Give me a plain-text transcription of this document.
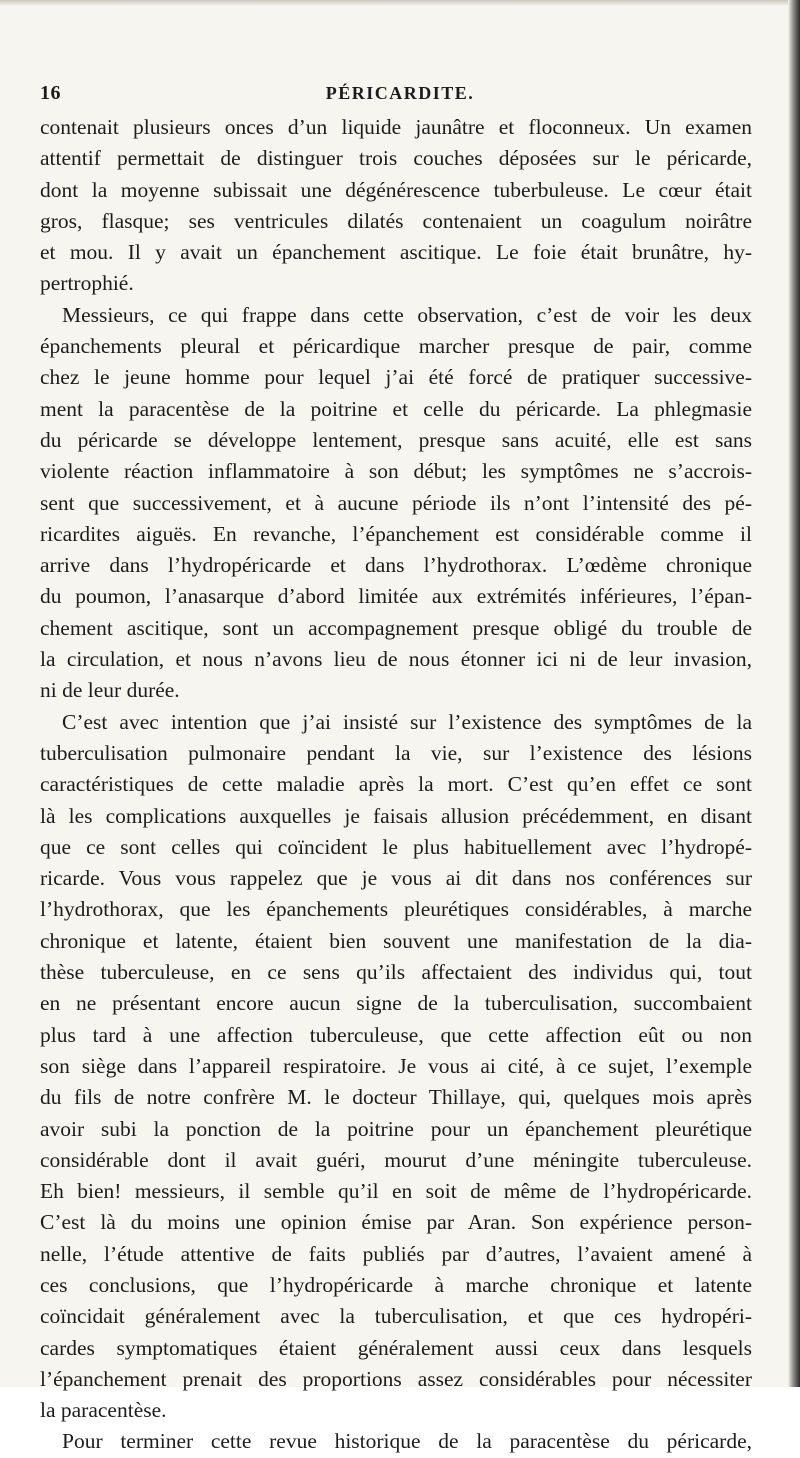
16	PÉRICARDITE.
contenait plusieurs onces d’un liquide jaunâtre et floconneux. Un examen
attentif permettait de distinguer trois couches déposées sur le péricarde,
dont la moyenne subissait une dégénérescence tuberbuleuse. Le cœur était
gros, flasque; ses ventricules dilatés contenaient un coagulum noirâtre
et mou. Il y avait un épanchement ascitique. Le foie était brunâtre, hy-
pertrophié.
Messieurs, ce qui frappe dans cette observation, c’est de voir les deux
épanchements pleural et péricardique marcher presque de pair, comme
chez le jeune homme pour lequel j’ai été forcé de pratiquer successive-
ment la paracentèse de la poitrine et celle du péricarde. La phlegmasie
du péricarde se développe lentement, presque sans acuité, elle est sans
violente réaction inflammatoire à son début; les symptômes ne s’accrois-
sent que successivement, et à aucune période ils n’ont l’intensité des pé-
ricardites aiguës. En revanche, l’épanchement est considérable comme il
arrive dans l’hydropéricarde et dans l’hydrothorax. L’œdème chronique
du poumon, l’anasarque d’abord limitée aux extrémités inférieures, l’épan-
chement ascitique, sont un accompagnement presque obligé du trouble de
la circulation, et nous n’avons lieu de nous étonner ici ni de leur invasion,
ni de leur durée.
C’est avec intention que j’ai insisté sur l’existence des symptômes de la
tuberculisation pulmonaire pendant la vie, sur l’existence des lésions
caractéristiques de cette maladie après la mort. C’est qu’en effet ce sont
là les complications auxquelles je faisais allusion précédemment, en disant
que ce sont celles qui coïncident le plus habituellement avec l’hydropé-
ricarde. Vous vous rappelez que je vous ai dit dans nos conférences sur
l’hydrothorax, que les épanchements pleurétiques considérables, à marche
chronique et latente, étaient bien souvent une manifestation de la dia-
thèse tuberculeuse, en ce sens qu’ils affectaient des individus qui, tout
en ne présentant encore aucun signe de la tuberculisation, succombaient
plus tard à une affection tuberculeuse, que cette affection eût ou non
son siège dans l’appareil respiratoire. Je vous ai cité, à ce sujet, l’exemple
du fils de notre confrère M. le docteur Thillaye, qui, quelques mois après
avoir subi la ponction de la poitrine pour un épanchement pleurétique
considérable dont il avait guéri, mourut d’une méningite tuberculeuse.
Eh bien! messieurs, il semble qu’il en soit de même de l’hydropéricarde.
C’est là du moins une opinion émise par Aran. Son expérience person-
nelle, l’étude attentive de faits publiés par d’autres, l’avaient amené à
ces conclusions, que l’hydropéricarde à marche chronique et latente
coïncidait généralement avec la tuberculisation, et que ces hydropéri-
cardes symptomatiques étaient généralement aussi ceux dans lesquels
l’épanchement prenait des proportions assez considérables pour nécessiter
la paracentèse.
Pour terminer cette revue historique de la paracentèse du péricarde,
